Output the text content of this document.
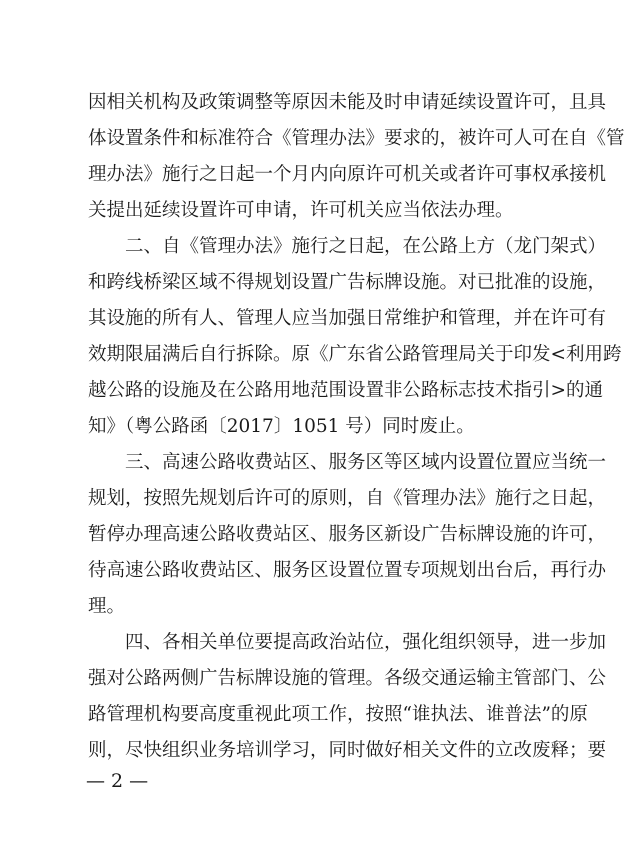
因相关机构及政策调整等原因未能及时申请延续设置许可，且具
体设置条件和标准符合《管理办法》要求的，被许可人可在自《管
理办法》施行之日起一个月内向原许可机关或者许可事权承接机
关提出延续设置许可申请，许可机关应当依法办理。
二、自《管理办法》施行之日起，在公路上方（龙门架式）
和跨线桥梁区域不得规划设置广告标牌设施。对已批准的设施，
其设施的所有人、管理人应当加强日常维护和管理，并在许可有
效期限届满后自行拆除。原《广东省公路管理局关于印发<利用跨
越公路的设施及在公路用地范围设置非公路标志技术指引>的通
知》（粤公路函〔2017〕1051 号）同时废止。
三、高速公路收费站区、服务区等区域内设置位置应当统一
规划，按照先规划后许可的原则，自《管理办法》施行之日起，
暂停办理高速公路收费站区、服务区新设广告标牌设施的许可，
待高速公路收费站区、服务区设置位置专项规划出台后，再行办
理。
四、各相关单位要提高政治站位，强化组织领导，进一步加
强对公路两侧广告标牌设施的管理。各级交通运输主管部门、公
路管理机构要高度重视此项工作，按照“谁执法、谁普法”的原
则，尽快组织业务培训学习，同时做好相关文件的立改废释；要
— 2 —
